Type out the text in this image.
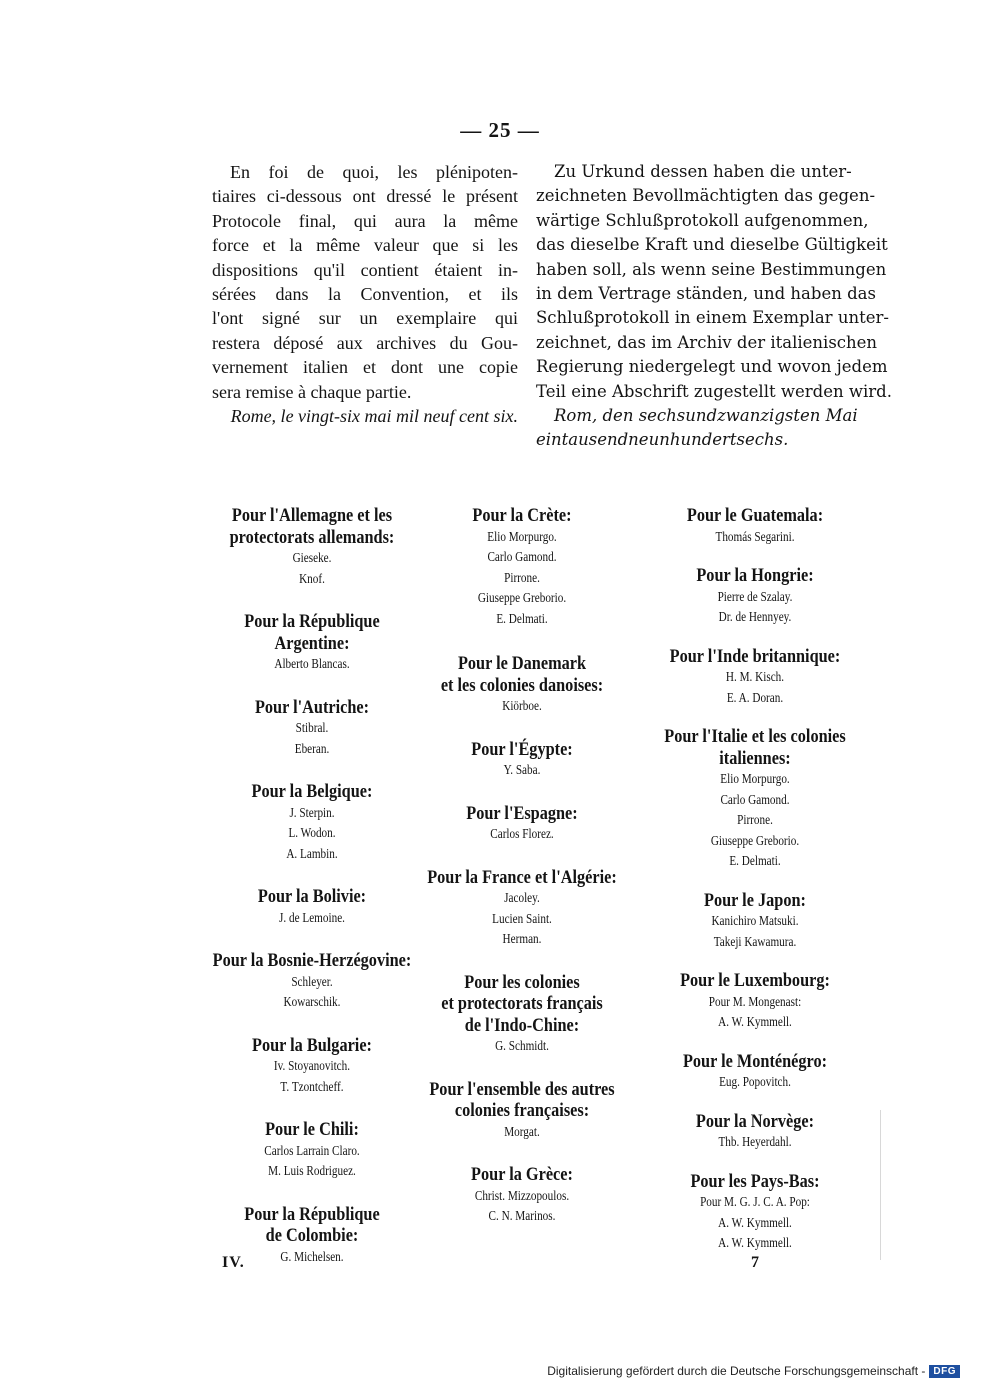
— 25 —
En foi de quoi, les plénipoten-
tiaires ci-dessous ont dressé le présent
Protocole final, qui aura la même
force et la même valeur que si les
dispositions qu'il contient étaient in-
sérées dans la Convention, et ils
l'ont signé sur un exemplaire qui
restera déposé aux archives du Gou-
vernement italien et dont une copie
sera remise à chaque partie.
Rome, le vingt-six mai mil neuf cent six.
Zu Urkund dessen haben die unter-
zeichneten Bevollmächtigten das gegen-
wärtige Schlußprotokoll aufgenommen,
das dieselbe Kraft und dieselbe Gültigkeit
haben soll, als wenn seine Bestimmungen
in dem Vertrage ständen, und haben das
Schlußprotokoll in einem Exemplar unter-
zeichnet, das im Archiv der italienischen
Regierung niedergelegt und wovon jedem
Teil eine Abschrift zugestellt werden wird.
Rom, den sechsundzwanzigsten Mai
eintausendneunhundertsechs.
Pour l'Allemagne et les
protectorats allemands:
Gieseke.
Knof.
Pour la République
Argentine:
Alberto Blancas.
Pour l'Autriche:
Stibral.
Eberan.
Pour la Belgique:
J. Sterpin.
L. Wodon.
A. Lambin.
Pour la Bolivie:
J. de Lemoine.
Pour la Bosnie-Herzégovine:
Schleyer.
Kowarschik.
Pour la Bulgarie:
Iv. Stoyanovitch.
T. Tzontcheff.
Pour le Chili:
Carlos Larrain Claro.
M. Luis Rodriguez.
Pour la République
de Colombie:
G. Michelsen.
Pour la Crète:
Elio Morpurgo.
Carlo Gamond.
Pirrone.
Giuseppe Greborio.
E. Delmati.
Pour le Danemark
et les colonies danoises:
Kiörboe.
Pour l'Égypte:
Y. Saba.
Pour l'Espagne:
Carlos Florez.
Pour la France et l'Algérie:
Jacoley.
Lucien Saint.
Herman.
Pour les colonies
et protectorats français
de l'Indo-Chine:
G. Schmidt.
Pour l'ensemble des autres
colonies françaises:
Morgat.
Pour la Grèce:
Christ. Mizzopoulos.
C. N. Marinos.
Pour le Guatemala:
Thomás Segarini.
Pour la Hongrie:
Pierre de Szalay.
Dr. de Hennyey.
Pour l'Inde britannique:
H. M. Kisch.
E. A. Doran.
Pour l'Italie et les colonies
italiennes:
Elio Morpurgo.
Carlo Gamond.
Pirrone.
Giuseppe Greborio.
E. Delmati.
Pour le Japon:
Kanichiro Matsuki.
Takeji Kawamura.
Pour le Luxembourg:
Pour M. Mongenast:
A. W. Kymmell.
Pour le Monténégro:
Eug. Popovitch.
Pour la Norvège:
Thb. Heyerdahl.
Pour les Pays-Bas:
Pour M. G. J. C. A. Pop:
A. W. Kymmell.
A. W. Kymmell.
IV.	7
Digitalisierung gefördert durch die Deutsche Forschungsgemeinschaft - DFG
